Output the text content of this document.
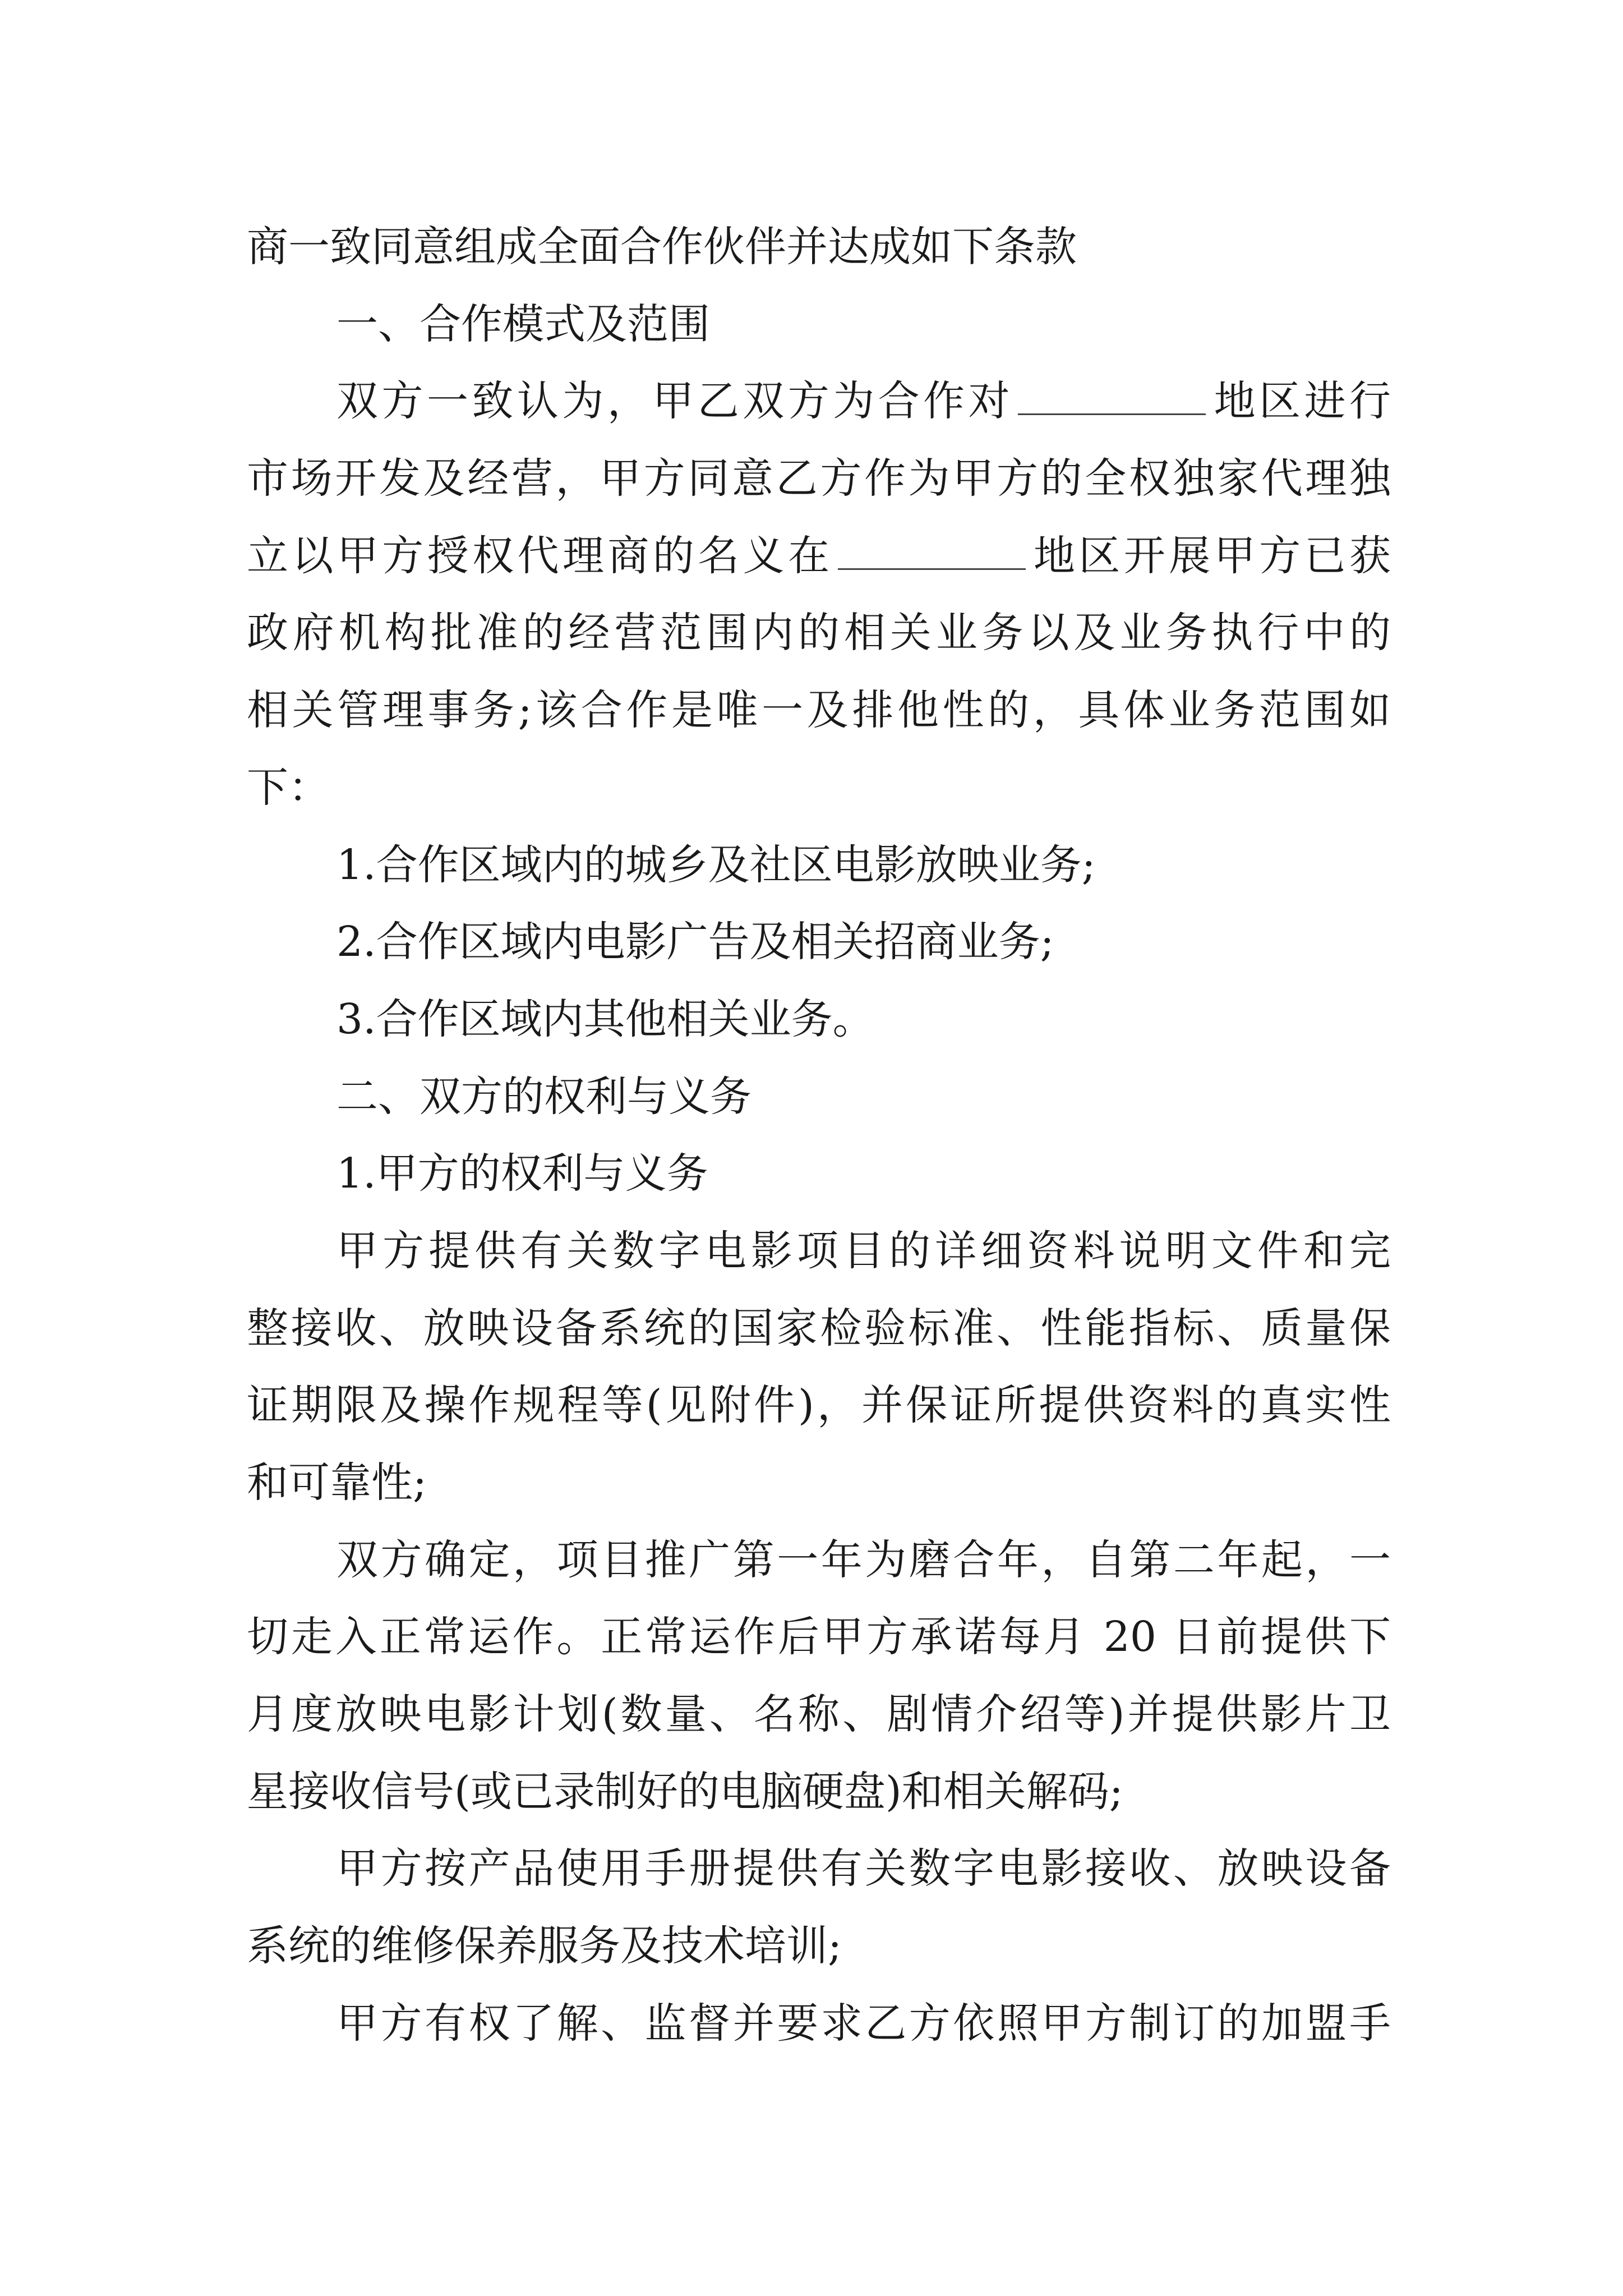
商一致同意组成全面合作伙伴并达成如下条款
一、合作模式及范围
双方一致认为，甲乙双方为合作对	地区进行
市场开发及经营，甲方同意乙方作为甲方的全权独家代理独
立以甲方授权代理商的名义在	地区开展甲方已获
政府机构批准的经营范围内的相关业务以及业务执行中的
相关管理事务;该合作是唯一及排他性的，具体业务范围如
下：
1.合作区域内的城乡及社区电影放映业务;
2.合作区域内电影广告及相关招商业务;
3.合作区域内其他相关业务。
二、双方的权利与义务
1.甲方的权利与义务
甲方提供有关数字电影项目的详细资料说明文件和完
整接收、放映设备系统的国家检验标准、性能指标、质量保
证期限及操作规程等(见附件)，并保证所提供资料的真实性
和可靠性;
双方确定，项目推广第一年为磨合年，自第二年起，一
切走入正常运作。正常运作后甲方承诺每月 20 日前提供下
月度放映电影计划(数量、名称、剧情介绍等)并提供影片卫
星接收信号(或已录制好的电脑硬盘)和相关解码;
甲方按产品使用手册提供有关数字电影接收、放映设备
系统的维修保养服务及技术培训;
甲方有权了解、监督并要求乙方依照甲方制订的加盟手
